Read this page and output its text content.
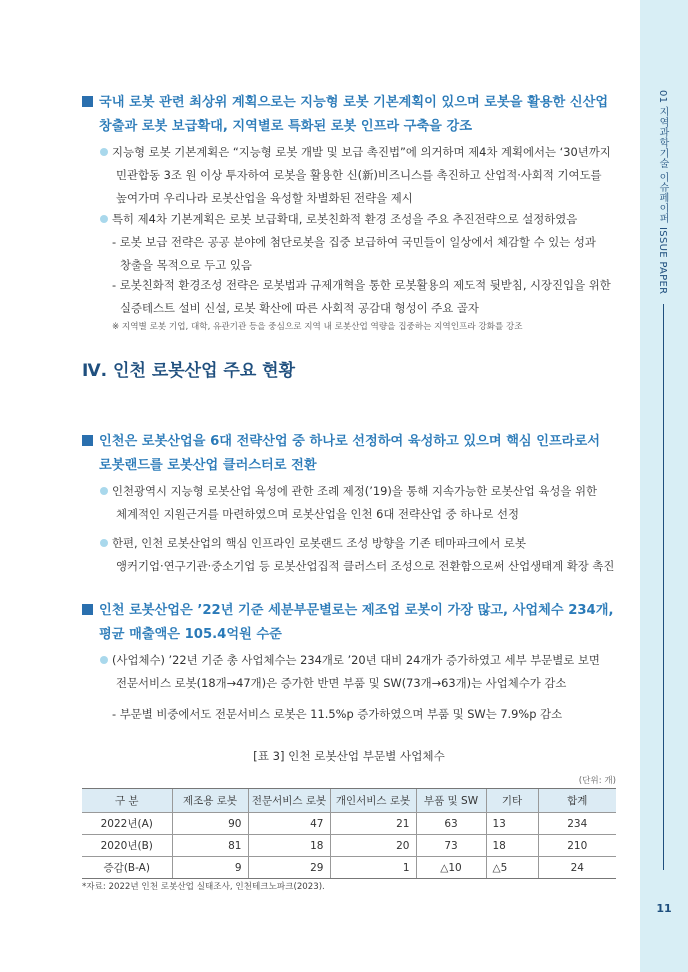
01 지역과학기술 이슈페이퍼 ISSUE PAPER
11
국내 로봇 관련 최상위 계획으로는 지능형 로봇 기본계획이 있으며 로봇을 활용한 신산업
창출과 로봇 보급확대, 지역별로 특화된 로봇 인프라 구축을 강조
지능형 로봇 기본계획은 “지능형 로봇 개발 및 보급 촉진법”에 의거하며 제4차 계획에서는 ‘30년까지
민관합동 3조 원 이상 투자하여 로봇을 활용한 신(新)비즈니스를 촉진하고 산업적·사회적 기여도를
높여가며 우리나라 로봇산업을 육성할 차별화된 전략을 제시
특히 제4차 기본계획은 로봇 보급확대, 로봇친화적 환경 조성을 주요 추진전략으로 설정하였음
- 로봇 보급 전략은 공공 분야에 첨단로봇을 집중 보급하여 국민들이 일상에서 체감할 수 있는 성과
창출을 목적으로 두고 있음
- 로봇친화적 환경조성 전략은 로봇법과 규제개혁을 통한 로봇활용의 제도적 뒷받침, 시장진입을 위한
실증테스트 설비 신설, 로봇 확산에 따른 사회적 공감대 형성이 주요 골자
※ 지역별 로봇 기업, 대학, 유관기관 등을 중심으로 지역 내 로봇산업 역량을 집중하는 지역인프라 강화를 강조
Ⅳ. 인천 로봇산업 주요 현황
인천은 로봇산업을 6대 전략산업 중 하나로 선정하여 육성하고 있으며 핵심 인프라로서
로봇랜드를 로봇산업 클러스터로 전환
인천광역시 지능형 로봇산업 육성에 관한 조례 제정(’19)을 통해 지속가능한 로봇산업 육성을 위한
체계적인 지원근거를 마련하였으며 로봇산업을 인천 6대 전략산업 중 하나로 선정
한편, 인천 로봇산업의 핵심 인프라인 로봇랜드 조성 방향을 기존 테마파크에서 로봇
앵커기업·연구기관·중소기업 등 로봇산업집적 클러스터 조성으로 전환함으로써 산업생태계 확장 촉진
인천 로봇산업은 ’22년 기준 세분부문별로는 제조업 로봇이 가장 많고, 사업체수 234개,
평균 매출액은 105.4억원 수준
(사업체수) ’22년 기준 총 사업체수는 234개로 ’20년 대비 24개가 증가하였고 세부 부문별로 보면
전문서비스 로봇(18개→47개)은 증가한 반면 부품 및 SW(73개→63개)는 사업체수가 감소
- 부문별 비중에서도 전문서비스 로봇은 11.5%p 증가하였으며 부품 및 SW는 7.9%p 감소
[표 3] 인천 로봇산업 부문별 사업체수
(단위: 개)
구 분	제조용 로봇	전문서비스 로봇	개인서비스 로봇	부품 및 SW	기타	합계
2022년(A)	90	47	21	63	13	234
2020년(B)	81	18	20	73	18	210
증감(B-A)	9	29	1	△10	△5	24
*자료: 2022년 인천 로봇산업 실태조사, 인천테크노파크(2023).
